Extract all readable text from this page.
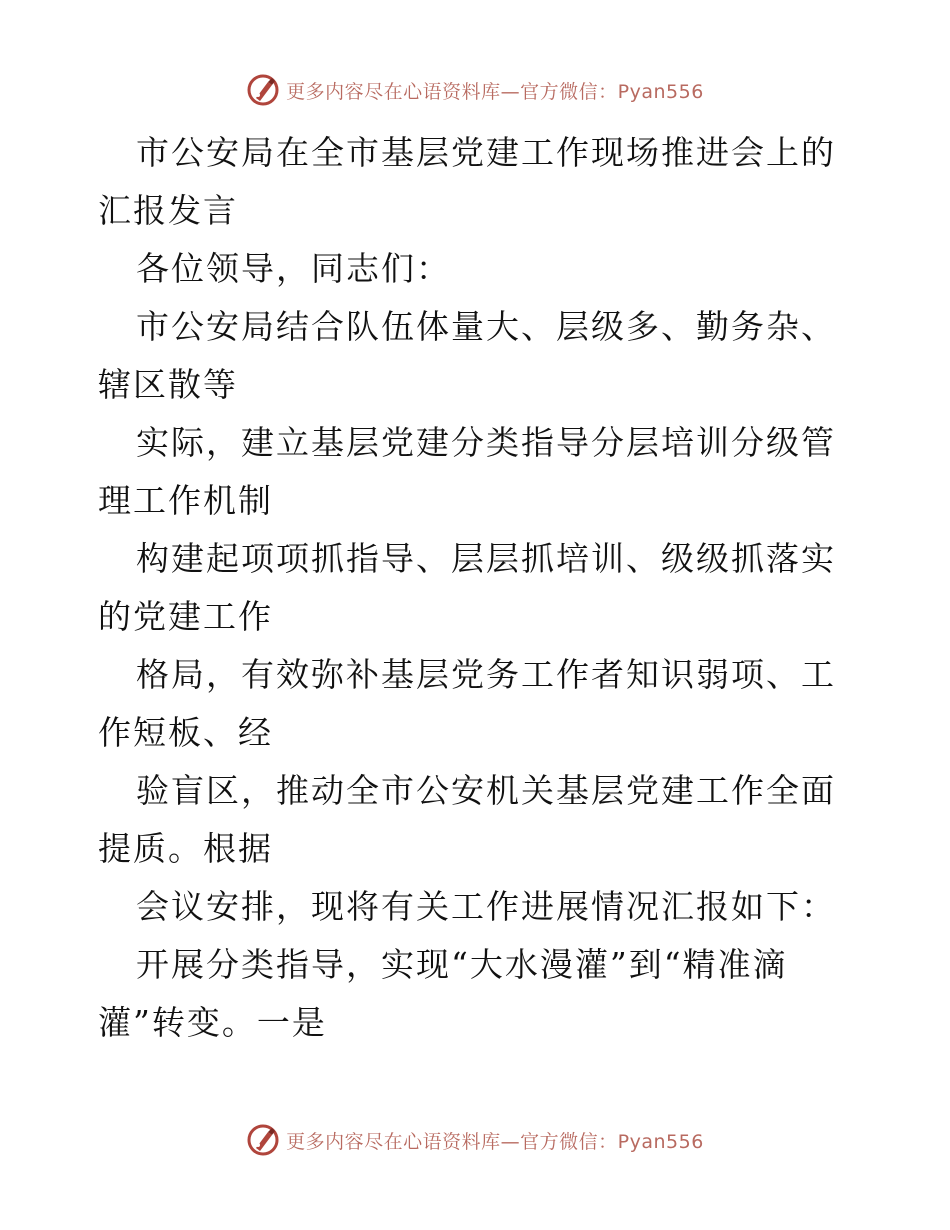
更多内容尽在心语资料库—官方微信：Pyan556

市公安局在全市基层党建工作现场推进会上的汇报发言

各位领导，同志们：

市公安局结合队伍体量大、层级多、勤务杂、辖区散等

实际，建立基层党建分类指导分层培训分级管理工作机制

构建起项项抓指导、层层抓培训、级级抓落实的党建工作

格局，有效弥补基层党务工作者知识弱项、工作短板、经

验盲区，推动全市公安机关基层党建工作全面提质。根据

会议安排，现将有关工作进展情况汇报如下：

开展分类指导，实现“大水漫灌”到“精准滴灌”转变。一是

更多内容尽在心语资料库—官方微信：Pyan556
